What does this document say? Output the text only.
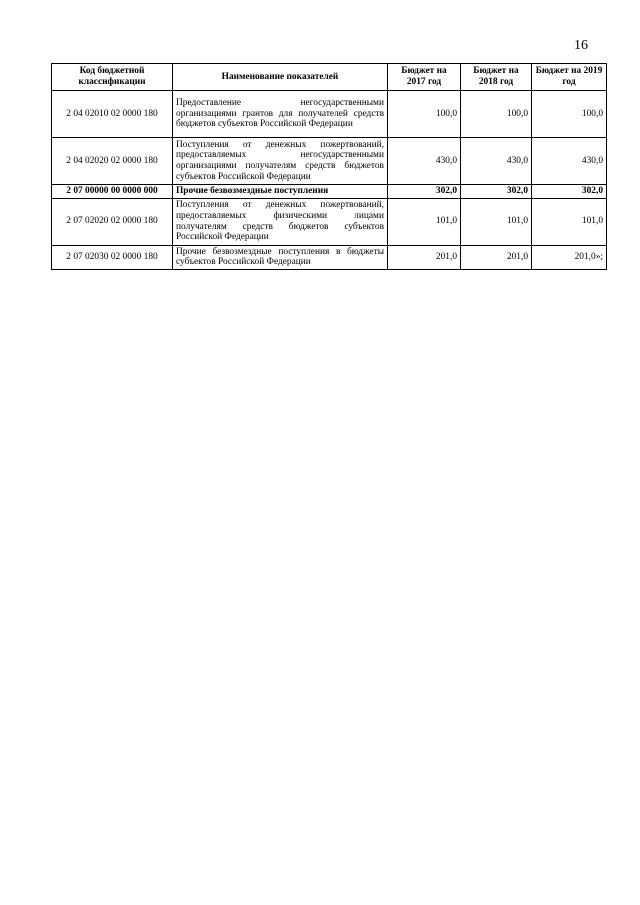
16
Код бюджетной классификации	Наименование показателей	Бюджет на 2017 год	Бюджет на 2018 год	Бюджет на 2019 год
2 04 02010 02 0000 180	Предоставление негосударственными организациями грантов для получателей средств бюджетов субъектов Российской Федерации	100,0	100,0	100,0
2 04 02020 02 0000 180	Поступления от денежных пожертвований, предоставляемых негосударственными организациями получателям средств бюджетов субъектов Российской Федерации	430,0	430,0	430,0
2 07 00000 00 0000 000	Прочие безвозмездные поступления	302,0	302,0	302,0
2 07 02020 02 0000 180	Поступления от денежных пожертвований, предоставляемых физическими лицами получателям средств бюджетов субъектов Российской Федерации	101,0	101,0	101,0
2 07 02030 02 0000 180	Прочие безвозмездные поступления в бюджеты субъектов Российской Федерации	201,0	201,0	201,0»;
